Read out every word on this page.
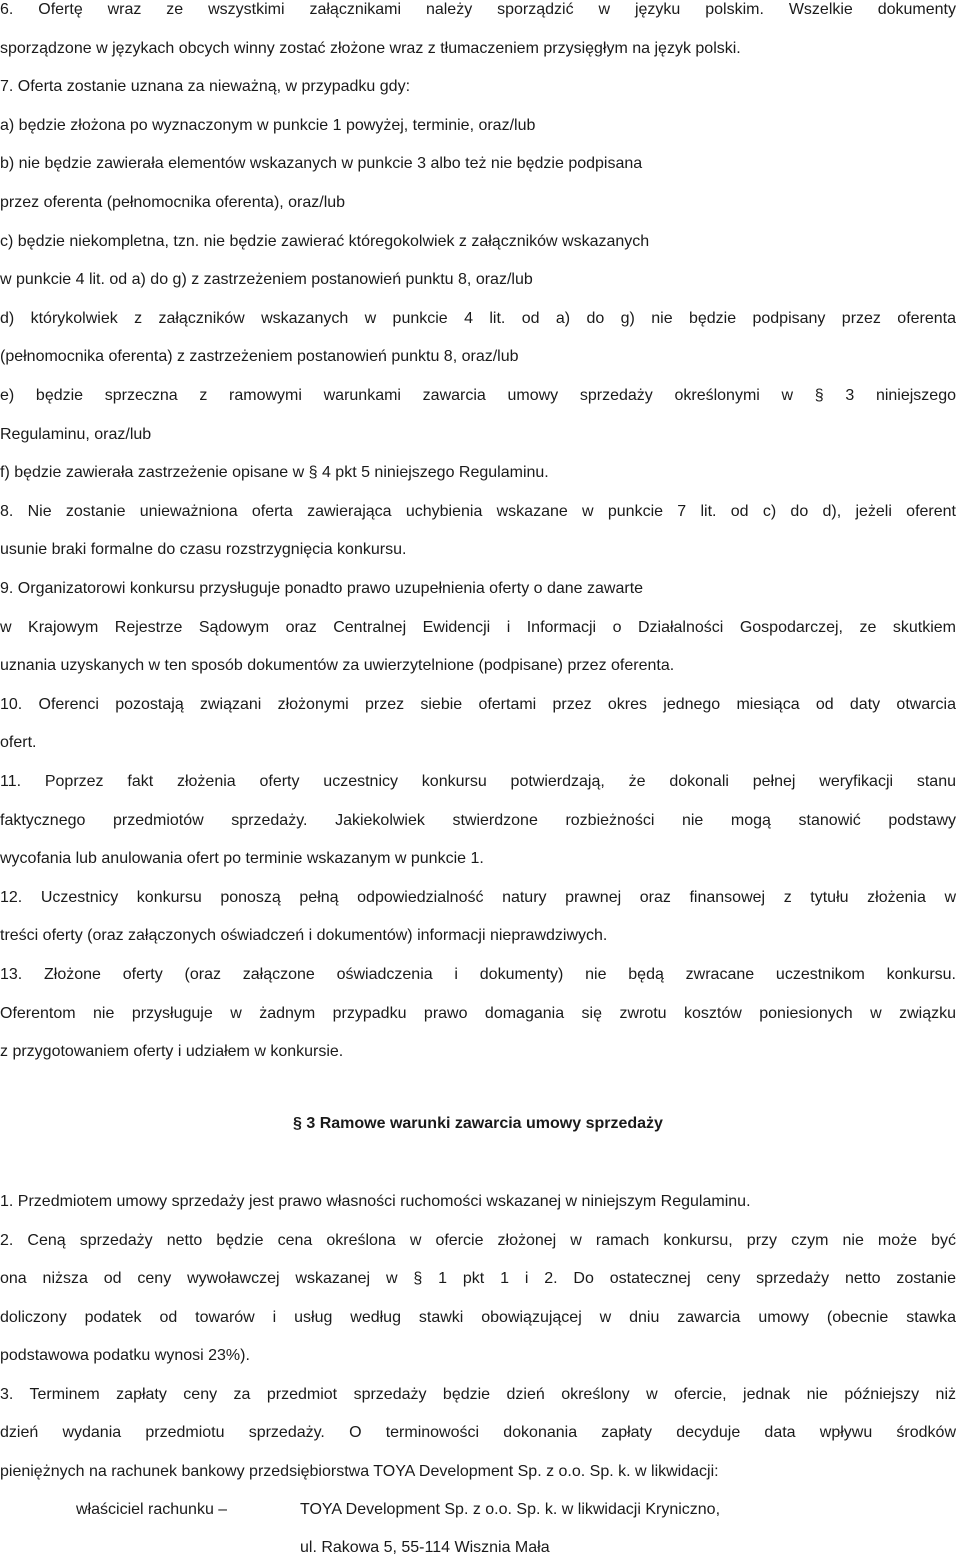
6. Ofertę wraz ze wszystkimi załącznikami należy sporządzić w języku polskim. Wszelkie dokumenty

sporządzone w językach obcych winny zostać złożone wraz z tłumaczeniem przysięgłym na język polski.

7. Oferta zostanie uznana za nieważną, w przypadku gdy:

a) będzie złożona po wyznaczonym w punkcie 1 powyżej, terminie, oraz/lub

b) nie będzie zawierała elementów wskazanych w punkcie 3 albo też nie będzie podpisana

przez oferenta (pełnomocnika oferenta), oraz/lub

c) będzie niekompletna, tzn. nie będzie zawierać któregokolwiek z załączników wskazanych

w punkcie 4 lit. od a) do g) z zastrzeżeniem postanowień punktu 8, oraz/lub

d) którykolwiek z załączników wskazanych w punkcie 4 lit. od a) do g) nie będzie podpisany przez oferenta

(pełnomocnika oferenta) z zastrzeżeniem postanowień punktu 8, oraz/lub

e) będzie sprzeczna z ramowymi warunkami zawarcia umowy sprzedaży określonymi w § 3 niniejszego

Regulaminu, oraz/lub

f) będzie zawierała zastrzeżenie opisane w § 4 pkt 5 niniejszego Regulaminu.

8. Nie zostanie unieważniona oferta zawierająca uchybienia wskazane w punkcie 7 lit. od c) do d), jeżeli oferent

usunie braki formalne do czasu rozstrzygnięcia konkursu.

9. Organizatorowi konkursu przysługuje ponadto prawo uzupełnienia oferty o dane zawarte

w Krajowym Rejestrze Sądowym oraz Centralnej Ewidencji i Informacji o Działalności Gospodarczej, ze skutkiem

uznania uzyskanych w ten sposób dokumentów za uwierzytelnione (podpisane) przez oferenta.

10. Oferenci pozostają związani złożonymi przez siebie ofertami przez okres jednego miesiąca od daty otwarcia

ofert.

11. Poprzez fakt złożenia oferty uczestnicy konkursu potwierdzają, że dokonali pełnej weryfikacji stanu

faktycznego przedmiotów sprzedaży. Jakiekolwiek stwierdzone rozbieżności nie mogą stanowić podstawy

wycofania lub anulowania ofert po terminie wskazanym w punkcie 1.

12. Uczestnicy konkursu ponoszą pełną odpowiedzialność natury prawnej oraz finansowej z tytułu złożenia w

treści oferty (oraz załączonych oświadczeń i dokumentów) informacji nieprawdziwych.

13. Złożone oferty (oraz załączone oświadczenia i dokumenty) nie będą zwracane uczestnikom konkursu.

Oferentom nie przysługuje w żadnym przypadku prawo domagania się zwrotu kosztów poniesionych w związku

z przygotowaniem oferty i udziałem w konkursie.

§ 3 Ramowe warunki zawarcia umowy sprzedaży

1. Przedmiotem umowy sprzedaży jest prawo własności ruchomości wskazanej w niniejszym Regulaminu.

2. Ceną sprzedaży netto będzie cena określona w ofercie złożonej w ramach konkursu, przy czym nie może być

ona niższa od ceny wywoławczej wskazanej w § 1 pkt 1 i 2. Do ostatecznej ceny sprzedaży netto zostanie

doliczony podatek od towarów i usług według stawki obowiązującej w dniu zawarcia umowy (obecnie stawka

podstawowa podatku wynosi 23%).

3. Terminem zapłaty ceny za przedmiot sprzedaży będzie dzień określony w ofercie, jednak nie późniejszy niż

dzień wydania przedmiotu sprzedaży. O terminowości dokonania zapłaty decyduje data wpływu środków

pieniężnych na rachunek bankowy przedsiębiorstwa TOYA Development Sp. z o.o. Sp. k. w likwidacji:

właściciel rachunku –	TOYA Development Sp. z o.o. Sp. k. w likwidacji Kryniczno,

ul. Rakowa 5, 55-114 Wisznia Mała
